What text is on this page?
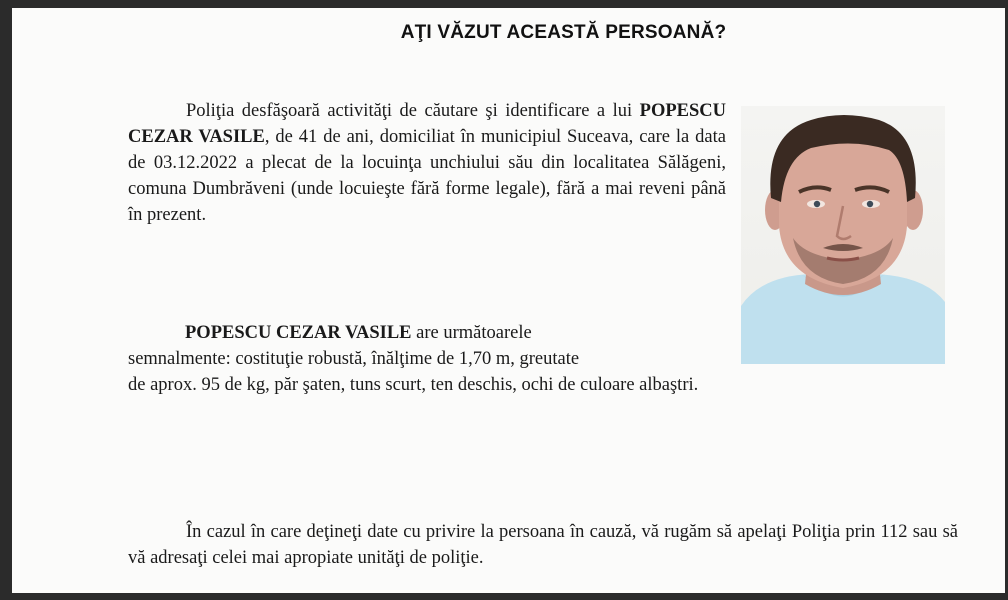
AŢI VĂZUT ACEASTĂ PERSOANĂ?
Poliţia desfăşoară activităţi de căutare şi identificare a lui POPESCU CEZAR VASILE, de 41 de ani, domiciliat în municipiul Suceava, care la data de 03.12.2022 a plecat de la locuinţa unchiului său din localitatea Sălăgeni, comuna Dumbrăveni (unde locuieşte fără forme legale), fără a mai reveni până în prezent.
POPESCU CEZAR VASILE are următoarele
semnalmente: costituţie robustă, înălţime de 1,70 m, greutate
de aprox. 95 de kg, păr şaten, tuns scurt, ten deschis, ochi de culoare albaştri.
În cazul în care deţineţi date cu privire la persoana în cauză, vă rugăm să apelaţi Poliţia prin 112 sau să vă adresaţi celei mai apropiate unităţi de poliţie.
